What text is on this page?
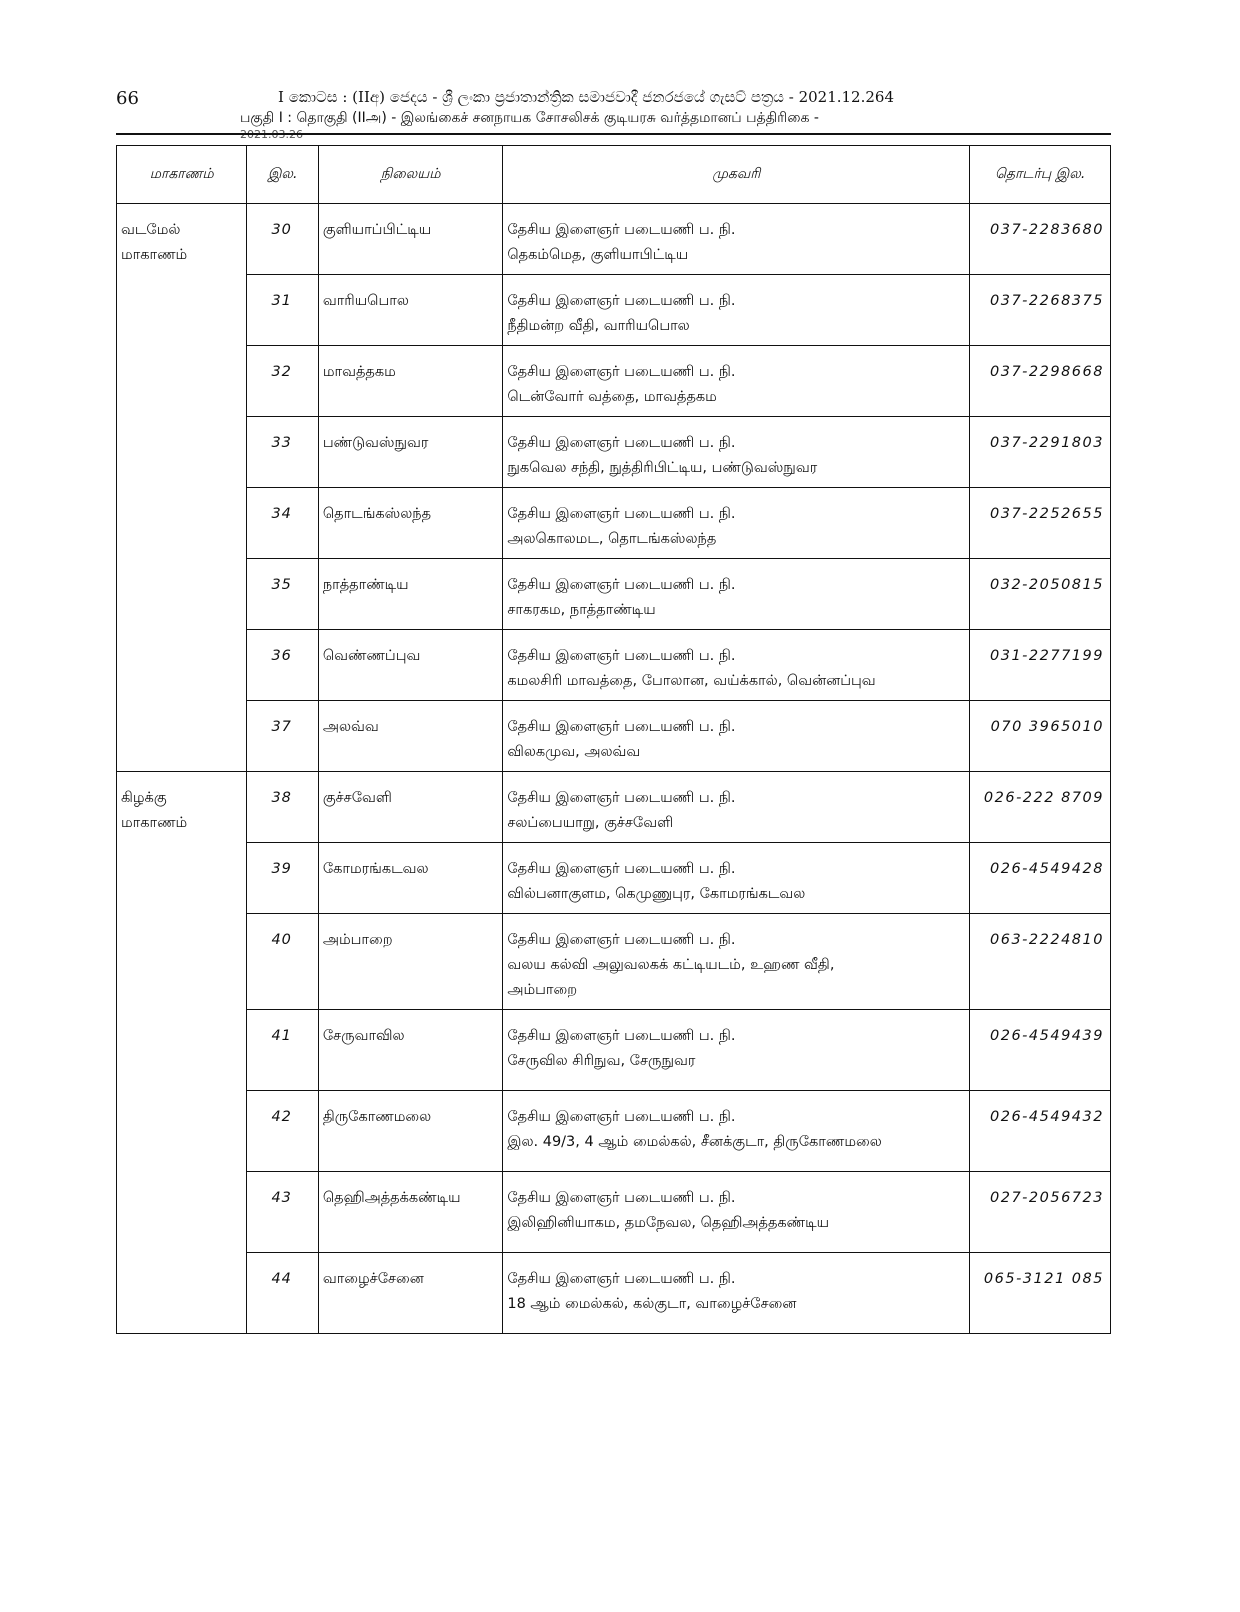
66	I කොටස : (IIඅ) ජෙදය - ශ්‍රී ලංකා ප්‍රජාතාන්ත්‍රික සමාජවාදී ජනරජයේ ගැසට් පත්‍රය - 2021.12.264
பகுதி I : தொகுதி (IIஅ) - இலங்கைச் சனநாயக சோசலிசக் குடியரசு வர்த்தமானப் பத்திரிகை -
மாகாணம்	இல.	நிலையம்	முகவரி	தொடர்பு இல.

வடமேல்
மாகாணம்	30	குளியாப்பிட்டிய	தேசிய இளைஞர் படையணி ப. நி.
தெகம்மெத, குளியாபிட்டிய	037-2283680
	31	வாரியபொல	தேசிய இளைஞர் படையணி ப. நி.
நீதிமன்ற வீதி, வாரியபொல	037-2268375
	32	மாவத்தகம	தேசிய இளைஞர் படையணி ப. நி.
டென்வோர் வத்தை, மாவத்தகம	037-2298668
	33	பண்டுவஸ்நுவர	தேசிய இளைஞர் படையணி ப. நி.
நுகவெல சந்தி, நுத்திரிபிட்டிய, பண்டுவஸ்நுவர	037-2291803
	34	தொடங்கஸ்லந்த	தேசிய இளைஞர் படையணி ப. நி.
அலகொலமட, தொடங்கஸ்லந்த	037-2252655
	35	நாத்தாண்டிய	தேசிய இளைஞர் படையணி ப. நி.
சாகரகம, நாத்தாண்டிய	032-2050815
	36	வெண்ணப்புவ	தேசிய இளைஞர் படையணி ப. நி.
கமலசிரி மாவத்தை, போலான, வய்க்கால், வென்னப்புவ	031-2277199
	37	அலவ்வ	தேசிய இளைஞர் படையணி ப. நி.
விலகமுவ, அலவ்வ	070 3965010

கிழக்கு
மாகாணம்	38	குச்சவேளி	தேசிய இளைஞர் படையணி ப. நி.
சலப்பையாறு, குச்சவேளி	026-222 8709
	39	கோமரங்கடவல	தேசிய இளைஞர் படையணி ப. நி.
வில்பனாகுளம, கெமுணுபுர, கோமரங்கடவல	026-4549428
	40	அம்பாறை	தேசிய இளைஞர் படையணி ப. நி.
வலய கல்வி அலுவலகக் கட்டியடம், உஹண வீதி,
அம்பாறை	063-2224810
	41	சேருவாவில	தேசிய இளைஞர் படையணி ப. நி.
சேருவில சிரிநுவ, சேருநுவர	026-4549439
	42	திருகோணமலை	தேசிய இளைஞர் படையணி ப. நி.
இல. 49/3, 4 ஆம் மைல்கல், சீனக்குடா, திருகோணமலை	026-4549432
	43	தெஹிஅத்தக்கண்டிய	தேசிய இளைஞர் படையணி ப. நி.
இலிஹினியாகம, தமநேவல, தெஹிஅத்தகண்டிய	027-2056723
	44	வாழைச்சேனை	தேசிய இளைஞர் படையணி ப. நி.
18 ஆம் மைல்கல், கல்குடா, வாழைச்சேனை	065-3121 085
